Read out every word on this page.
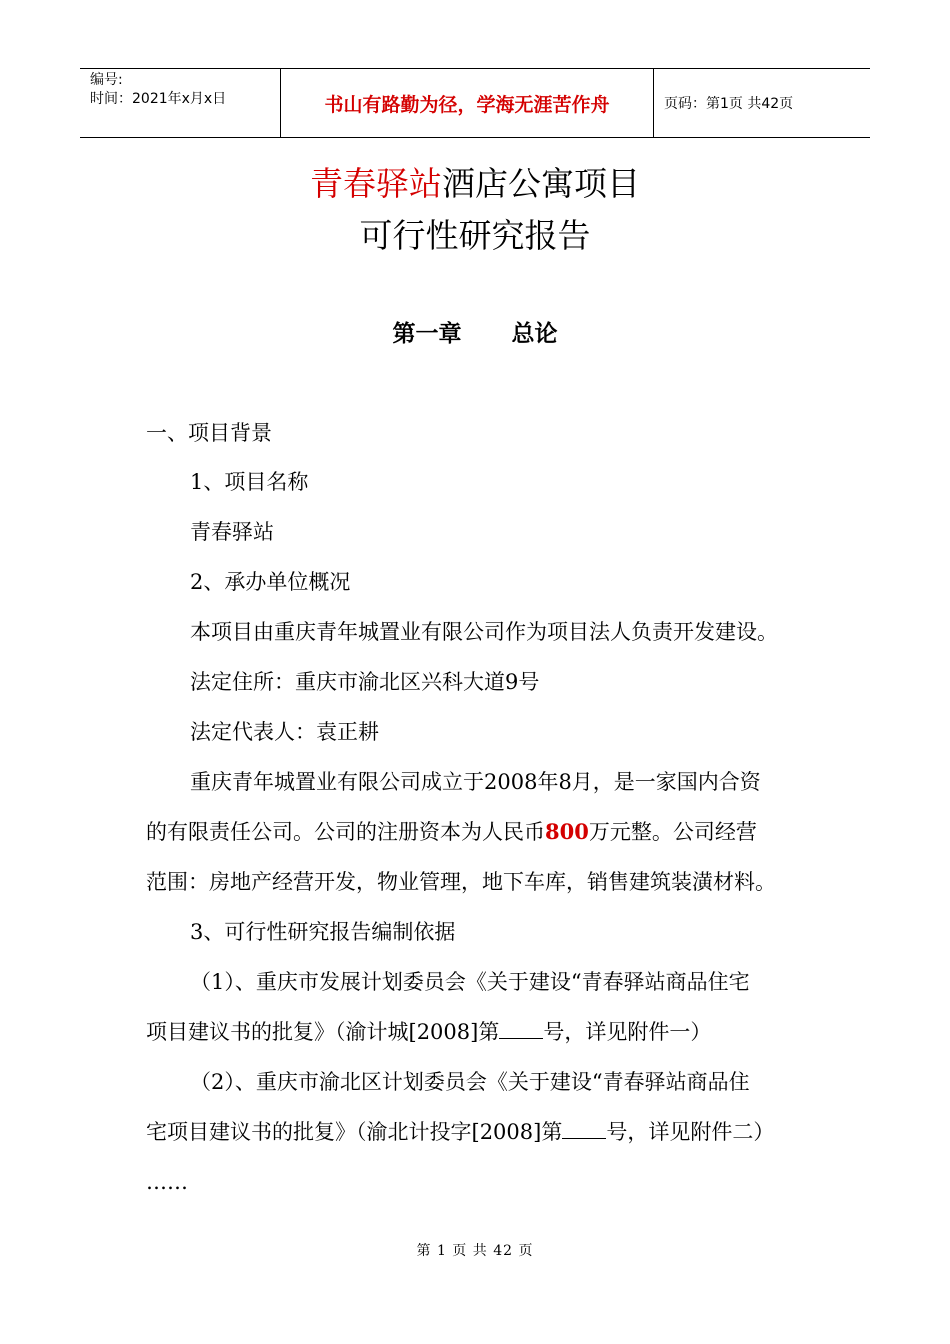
编号:
时间：2021年x月x日	书山有路勤为径，学海无涯苦作舟	页码：第1页 共42页
青春驿站酒店公寓项目
可行性研究报告
第一章 总论
一、项目背景
1、项目名称
青春驿站
2、承办单位概况
本项目由重庆青年城置业有限公司作为项目法人负责开发建设。
法定住所：重庆市渝北区兴科大道9号
法定代表人：袁正耕
重庆青年城置业有限公司成立于2008年8月，是一家国内合资
的有限责任公司。公司的注册资本为人民币800万元整。公司经营
范围：房地产经营开发，物业管理，地下车库，销售建筑装潢材料。
3、可行性研究报告编制依据
（1）、重庆市发展计划委员会《关于建设“青春驿站商品住宅
项目建议书的批复》（渝计城[2008]第 号，详见附件一）
（2）、重庆市渝北区计划委员会《关于建设“青春驿站商品住
宅项目建议书的批复》（渝北计投字[2008]第 号，详见附件二）
……
第 1 页 共 42 页
